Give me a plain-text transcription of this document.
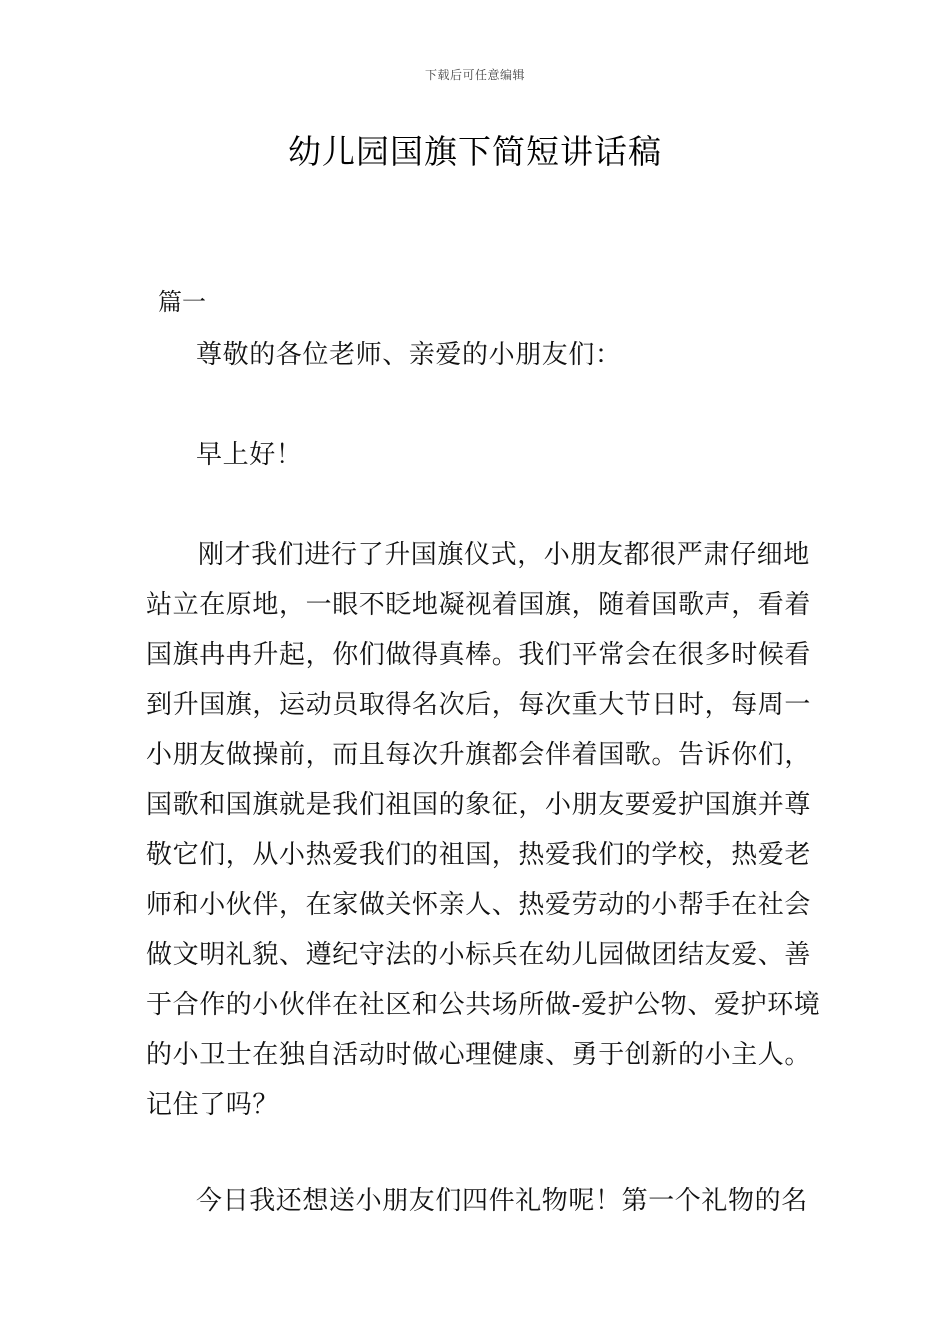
下载后可任意编辑
幼儿园国旗下简短讲话稿
篇一
尊敬的各位老师、亲爱的小朋友们：
早上好！
刚才我们进行了升国旗仪式，小朋友都很严肃仔细地
站立在原地，一眼不眨地凝视着国旗，随着国歌声，看着
国旗冉冉升起，你们做得真棒。我们平常会在很多时候看
到升国旗，运动员取得名次后，每次重大节日时，每周一
小朋友做操前，而且每次升旗都会伴着国歌。告诉你们，
国歌和国旗就是我们祖国的象征，小朋友要爱护国旗并尊
敬它们，从小热爱我们的祖国，热爱我们的学校，热爱老
师和小伙伴，在家做关怀亲人、热爱劳动的小帮手在社会
做文明礼貌、遵纪守法的小标兵在幼儿园做团结友爱、善
于合作的小伙伴在社区和公共场所做-爱护公物、爱护环境
的小卫士在独自活动时做心理健康、勇于创新的小主人。
记住了吗？
今日我还想送小朋友们四件礼物呢！第一个礼物的名
